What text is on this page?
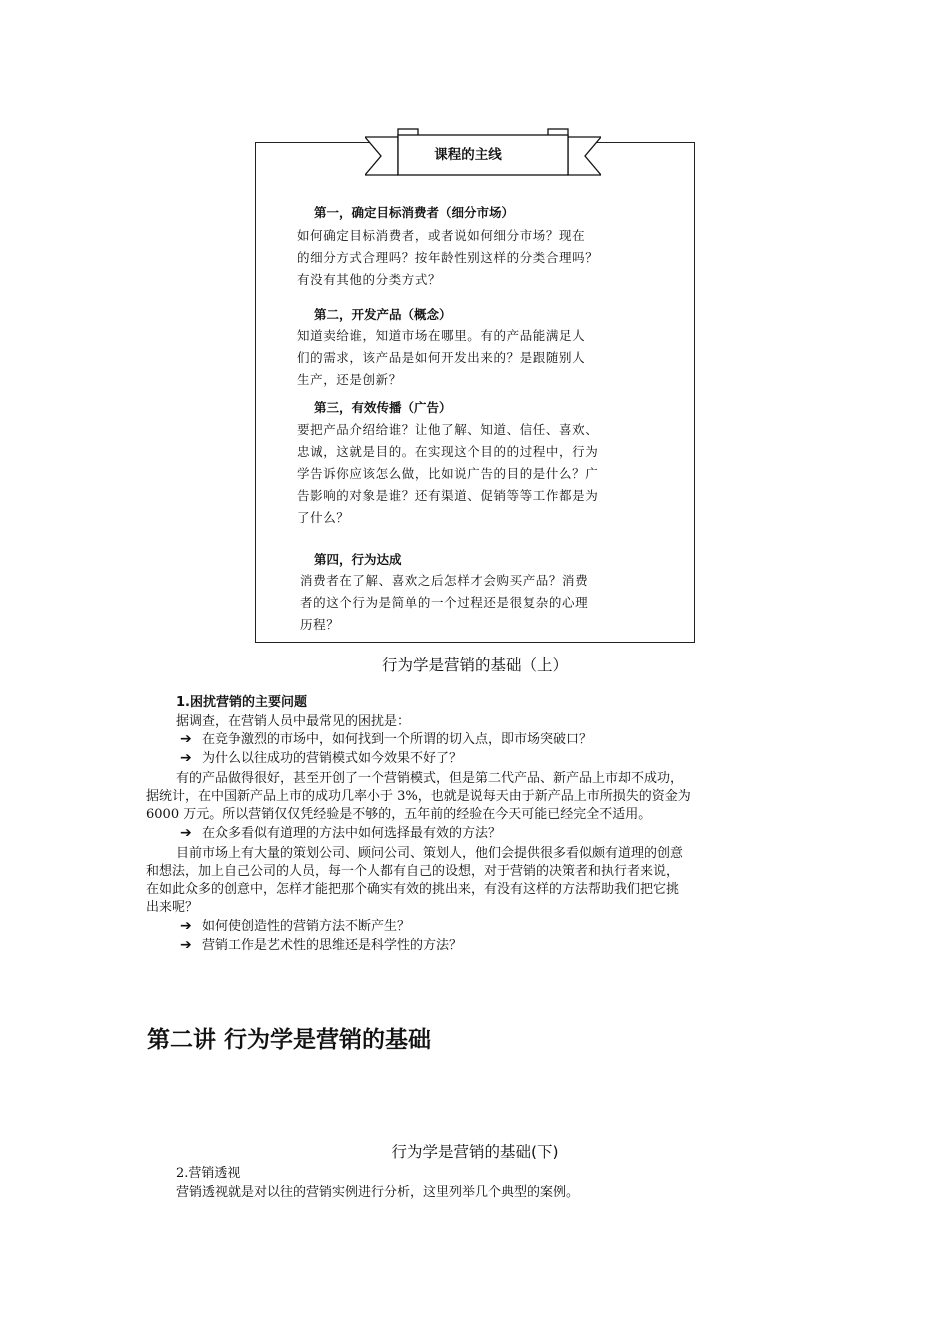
课程的主线
第一，确定目标消费者（细分市场）
如何确定目标消费者，或者说如何细分市场？现在
的细分方式合理吗？按年龄性别这样的分类合理吗？
有没有其他的分类方式？
第二，开发产品（概念）
知道卖给谁，知道市场在哪里。有的产品能满足人
们的需求，该产品是如何开发出来的？是跟随别人
生产，还是创新？
第三，有效传播（广告）
要把产品介绍给谁？让他了解、知道、信任、喜欢、
忠诚，这就是目的。在实现这个目的的过程中，行为
学告诉你应该怎么做，比如说广告的目的是什么？广
告影响的对象是谁？还有渠道、促销等等工作都是为
了什么？
第四，行为达成
消费者在了解、喜欢之后怎样才会购买产品？消费
者的这个行为是简单的一个过程还是很复杂的心理
历程？
行为学是营销的基础（上）
1.困扰营销的主要问题
据调查，在营销人员中最常见的困扰是：
➔ 在竞争激烈的市场中，如何找到一个所谓的切入点，即市场突破口？
➔ 为什么以往成功的营销模式如今效果不好了？
有的产品做得很好，甚至开创了一个营销模式，但是第二代产品、新产品上市却不成功，
据统计，在中国新产品上市的成功几率小于 3%，也就是说每天由于新产品上市所损失的资金为
6000 万元。所以营销仅仅凭经验是不够的，五年前的经验在今天可能已经完全不适用。
➔ 在众多看似有道理的方法中如何选择最有效的方法？
目前市场上有大量的策划公司、顾问公司、策划人，他们会提供很多看似颇有道理的创意
和想法，加上自己公司的人员，每一个人都有自己的设想，对于营销的决策者和执行者来说，
在如此众多的创意中，怎样才能把那个确实有效的挑出来，有没有这样的方法帮助我们把它挑
出来呢？
➔ 如何使创造性的营销方法不断产生？
➔ 营销工作是艺术性的思维还是科学性的方法？
第二讲 行为学是营销的基础
行为学是营销的基础(下)
2.营销透视
营销透视就是对以往的营销实例进行分析，这里列举几个典型的案例。
